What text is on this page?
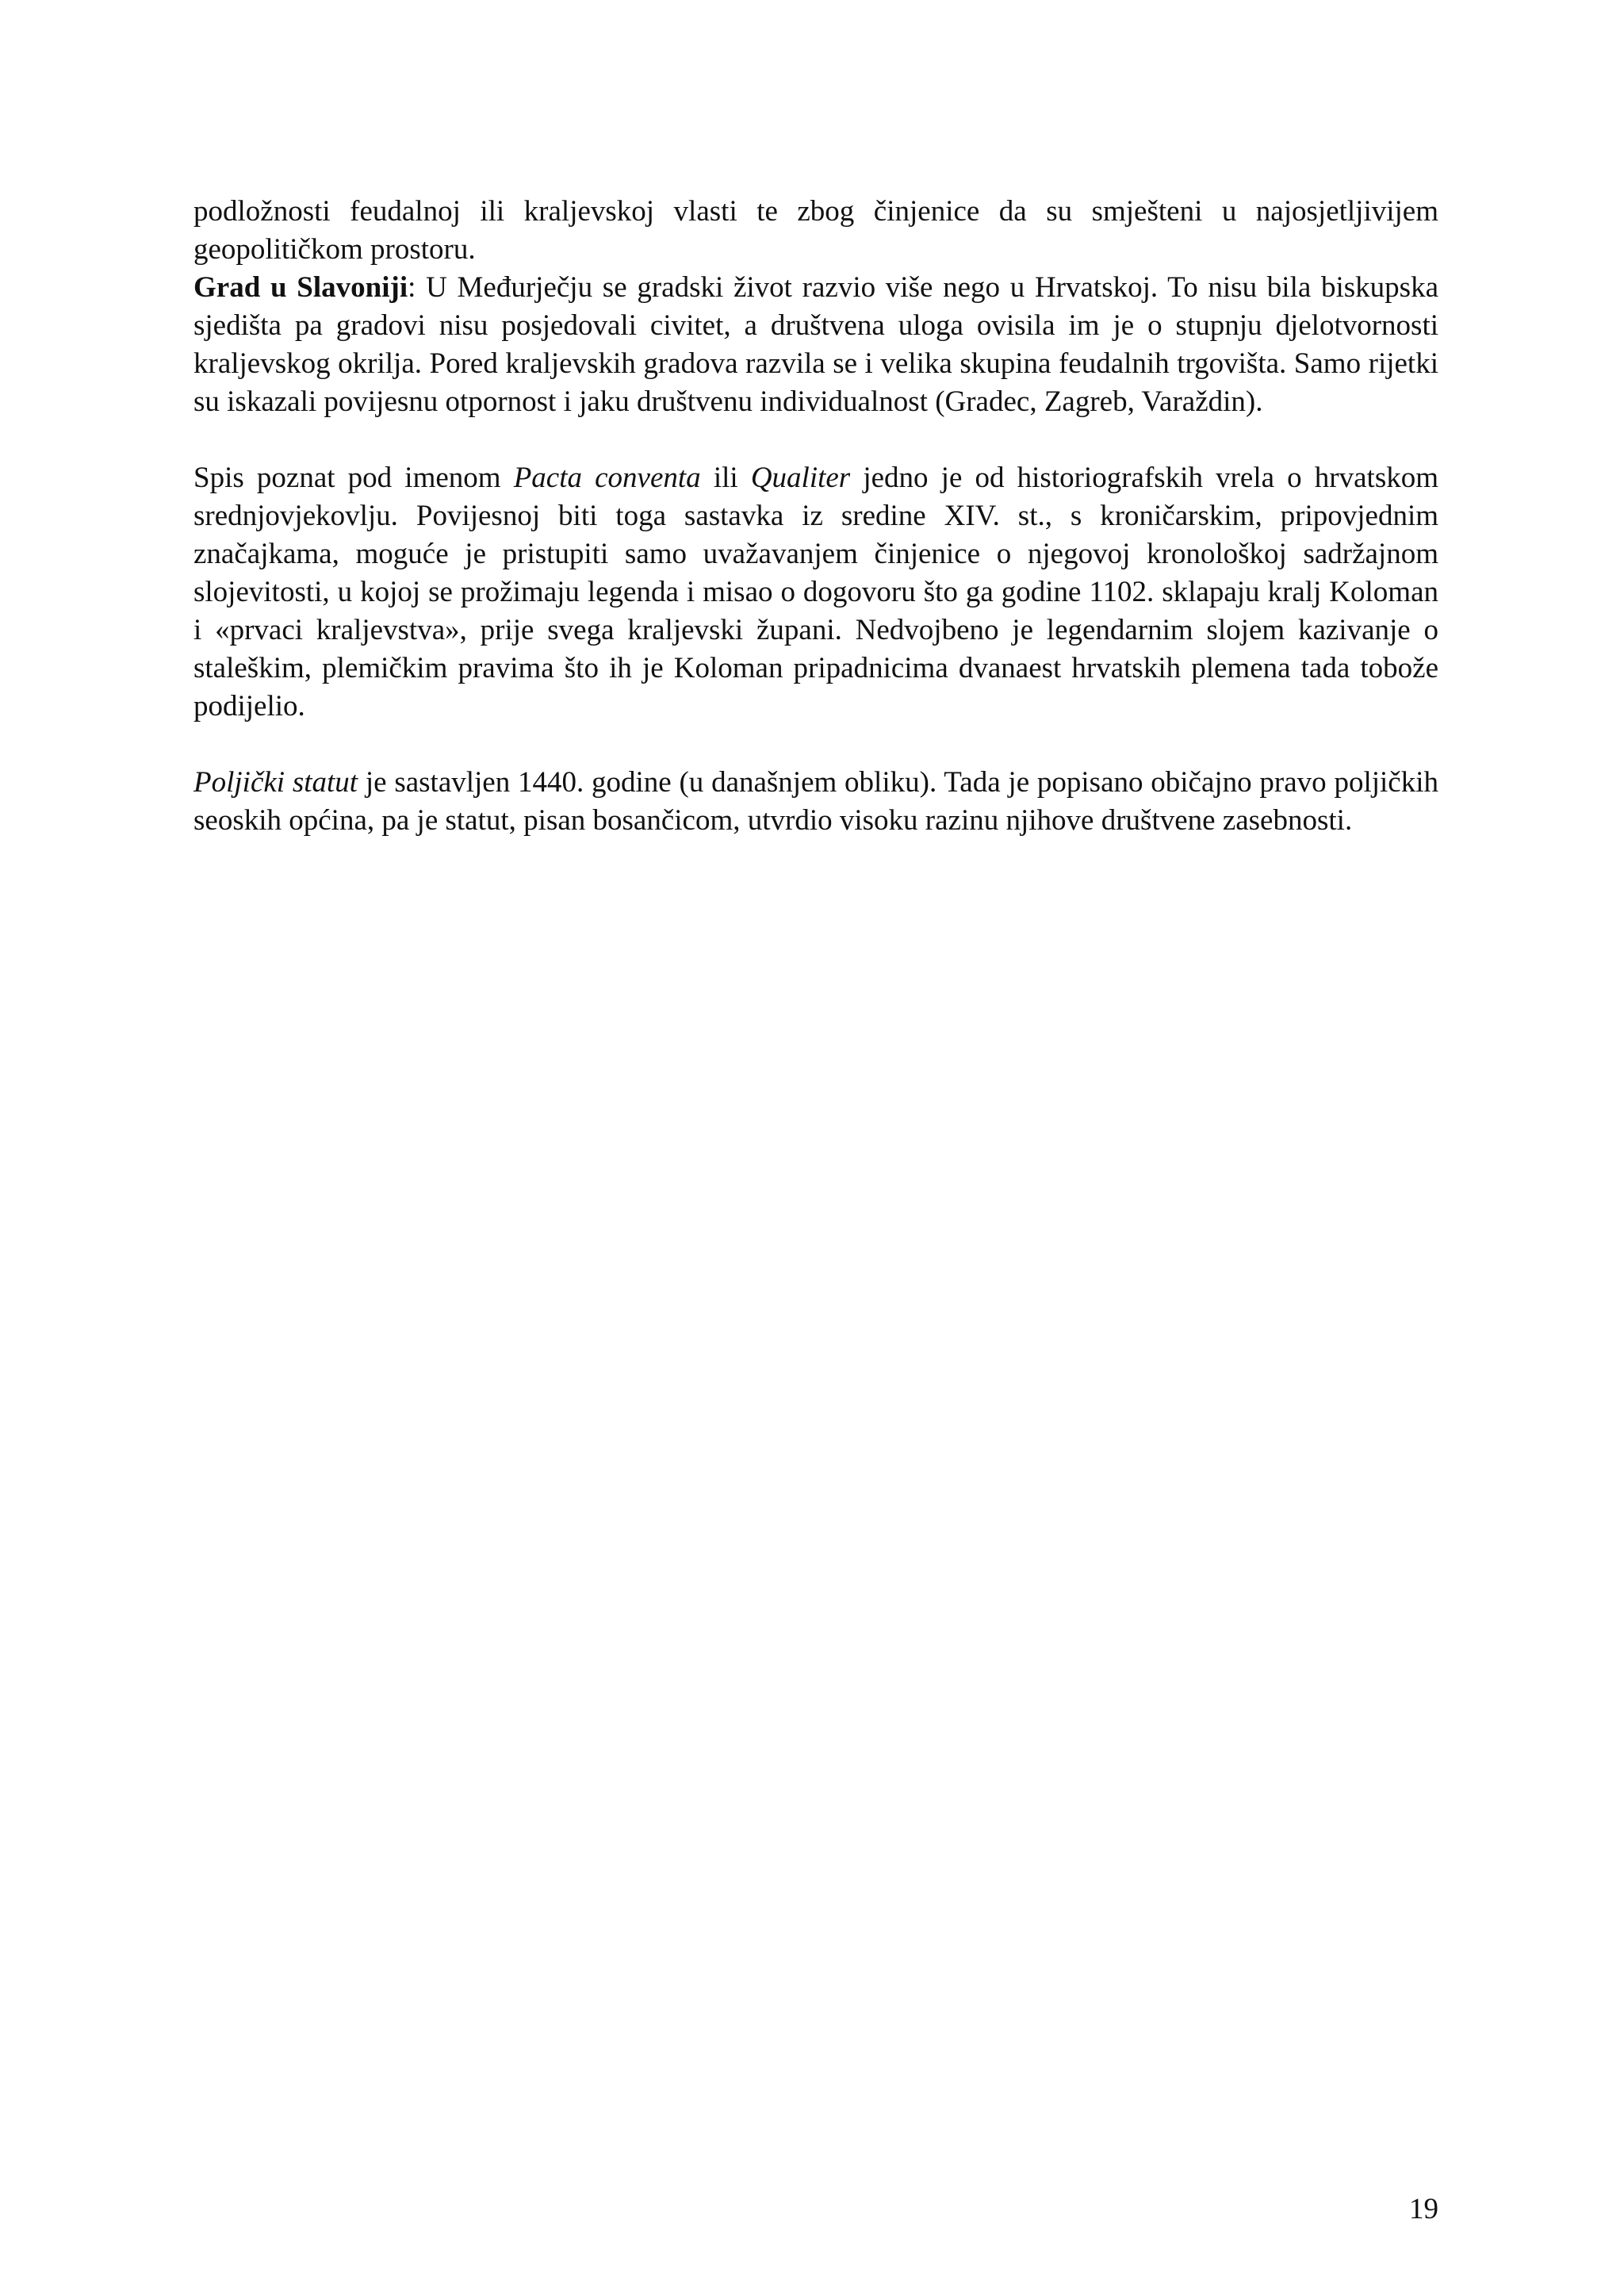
podložnosti feudalnoj ili kraljevskoj vlasti te zbog činjenice da su smješteni u najosjetljivijem geopolitičkom prostoru.

Grad u Slavoniji: U Međurječju se gradski život razvio više nego u Hrvatskoj. To nisu bila biskupska sjedišta pa gradovi nisu posjedovali civitet, a društvena uloga ovisila im je o stupnju djelotvornosti kraljevskog okrilja. Pored kraljevskih gradova razvila se i velika skupina feudalnih trgovišta. Samo rijetki su iskazali povijesnu otpornost i jaku društvenu individualnost (Gradec, Zagreb, Varaždin).

Spis poznat pod imenom Pacta conventa ili Qualiter jedno je od historiografskih vrela o hrvatskom srednjovjekovlju. Povijesnoj biti toga sastavka iz sredine XIV. st., s kroničarskim, pripovjednim značajkama, moguće je pristupiti samo uvažavanjem činjenice o njegovoj kronološkoj sadržajnom slojevitosti, u kojoj se prožimaju legenda i misao o dogovoru što ga godine 1102. sklapaju kralj Koloman i «prvaci kraljevstva», prije svega kraljevski župani. Nedvojbeno je legendarnim slojem kazivanje o staleškim, plemičkim pravima što ih je Koloman pripadnicima dvanaest hrvatskih plemena tada tobože podijelio.

Poljički statut je sastavljen 1440. godine (u današnjem obliku). Tada je popisano običajno pravo poljičkih seoskih općina, pa je statut, pisan bosančicom, utvrdio visoku razinu njihove društvene zasebnosti.

19
